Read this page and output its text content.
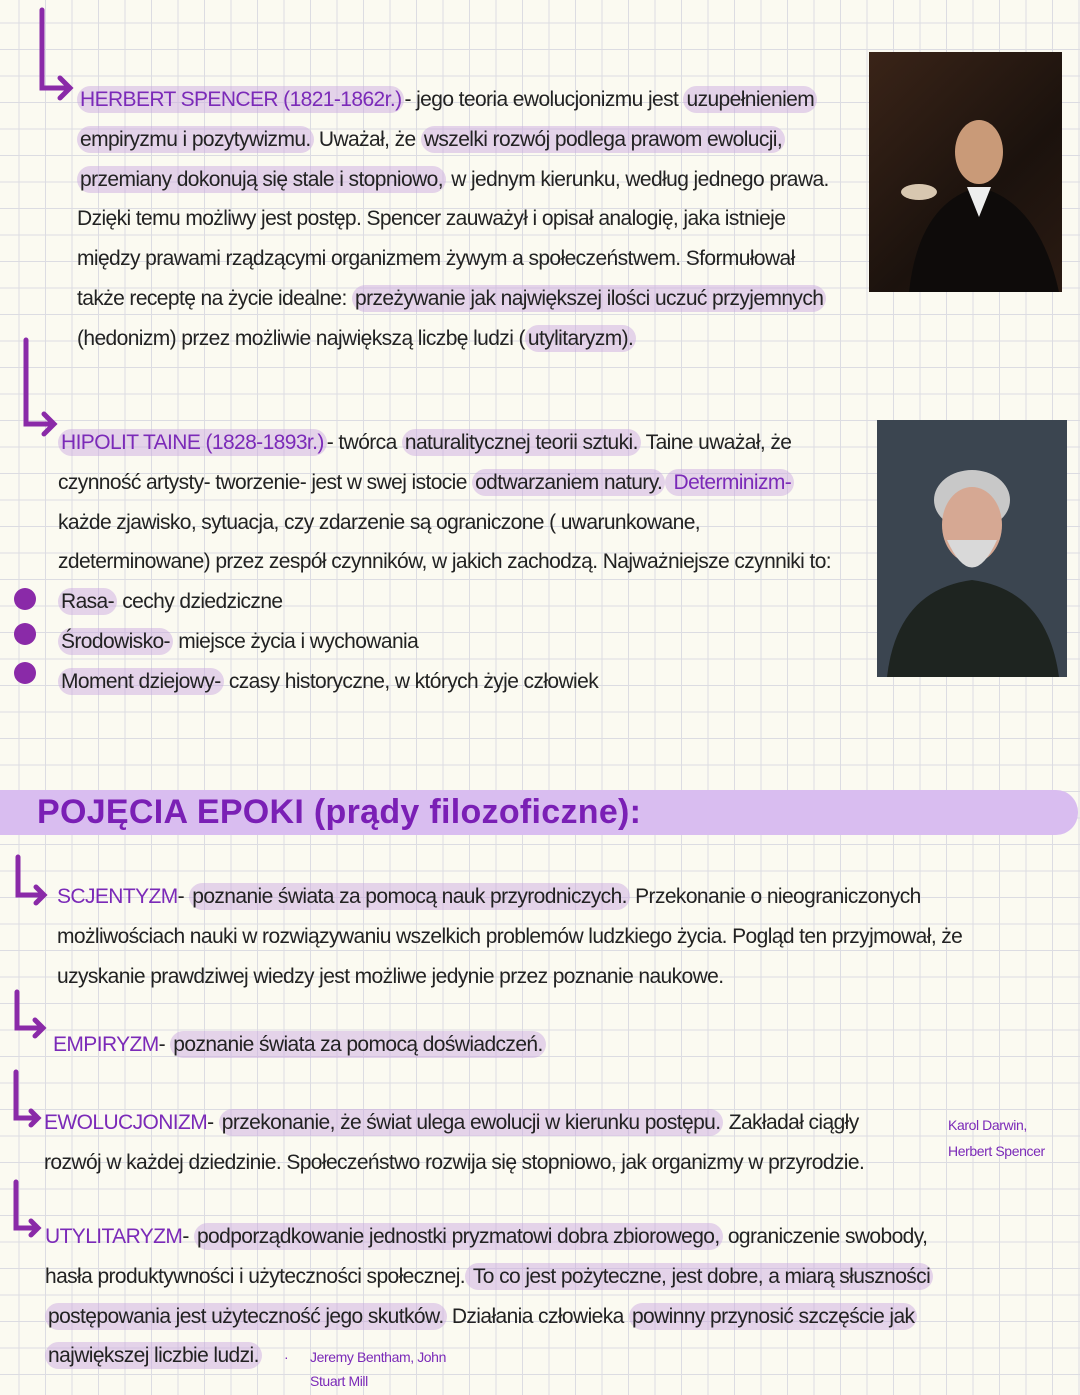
HERBERT SPENCER (1821-1862r.) - jego teoria ewolucjonizmu jest uzupełnieniem
empiryzmu i pozytywizmu. Uważał, że wszelki rozwój podlega prawom ewolucji,
przemiany dokonują się stale i stopniowo, w jednym kierunku, według jednego prawa.
Dzięki temu możliwy jest postęp. Spencer zauważył i opisał analogię, jaka istnieje
między prawami rządzącymi organizmem żywym a społeczeństwem. Sformułował
także receptę na życie idealne: przeżywanie jak największej ilości uczuć przyjemnych
(hedonizm) przez możliwie największą liczbę ludzi ( utylitaryzm).
HIPOLIT TAINE (1828-1893r.) - twórca naturalitycznej teorii sztuki. Taine uważał, że
czynność artysty- tworzenie- jest w swej istocie odtwarzaniem natury. Determinizm-
każde zjawisko, sytuacja, czy zdarzenie są ograniczone ( uwarunkowane,
zdeterminowane) przez zespół czynników, w jakich zachodzą. Najważniejsze czynniki to:
Rasa- cechy dziedziczne
Środowisko- miejsce życia i wychowania
Moment dziejowy- czasy historyczne, w których żyje człowiek
POJĘCIA EPOKI (prądy filozoficzne):
SCJENTYZM- poznanie świata za pomocą nauk przyrodniczych. Przekonanie o nieograniczonych
możliwościach nauki w rozwiązywaniu wszelkich problemów ludzkiego życia. Pogląd ten przyjmował, że
uzyskanie prawdziwej wiedzy jest możliwe jedynie przez poznanie naukowe.
EMPIRYZM- poznanie świata za pomocą doświadczeń.
EWOLUCJONIZM- przekonanie, że świat ulega ewolucji w kierunku postępu. Zakładał ciągły
rozwój w każdej dziedzinie. Społeczeństwo rozwija się stopniowo, jak organizmy w przyrodzie.
UTYLITARYZM- podporządkowanie jednostki pryzmatowi dobra zbiorowego, ograniczenie swobody,
hasła produktywności i użyteczności społecznej. To co jest pożyteczne, jest dobre, a miarą słuszności
postępowania jest użyteczność jego skutków. Działania człowieka powinny przynosić szczęście jak
największej liczbie ludzi.
Karol Darwin,
Herbert Spencer
· Jeremy Bentham, John
Stuart Mill
